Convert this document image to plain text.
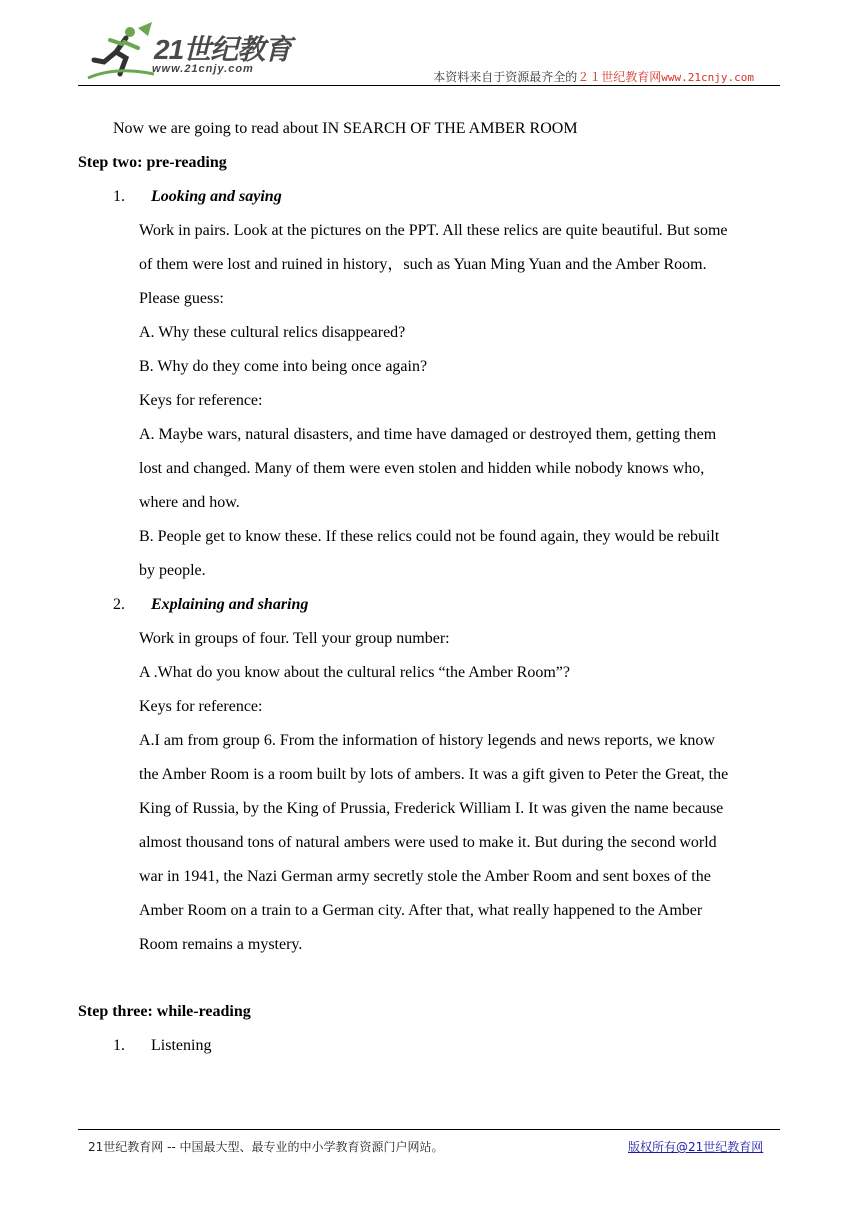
21世纪教育
www.21cnjy.com
本资料来自于资源最齐全的２１世纪教育网www.21cnjy.com
Now we are going to read about IN SEARCH OF THE AMBER ROOM
Step two: pre-reading
1. Looking and saying
Work in pairs. Look at the pictures on the PPT. All these relics are quite beautiful. But some
of them were lost and ruined in history，such as Yuan Ming Yuan and the Amber Room.
Please guess:
A. Why these cultural relics disappeared?
B. Why do they come into being once again?
Keys for reference:
A. Maybe wars, natural disasters, and time have damaged or destroyed them, getting them
lost and changed. Many of them were even stolen and hidden while nobody knows who,
where and how.
B. People get to know these. If these relics could not be found again, they would be rebuilt
by people.
2. Explaining and sharing
Work in groups of four. Tell your group number:
A .What do you know about the cultural relics “the Amber Room”?
Keys for reference:
A.I am from group 6. From the information of history legends and news reports, we know
the Amber Room is a room built by lots of ambers. It was a gift given to Peter the Great, the
King of Russia, by the King of Prussia, Frederick William I. It was given the name because
almost thousand tons of natural ambers were used to make it. But during the second world
war in 1941, the Nazi German army secretly stole the Amber Room and sent boxes of the
Amber Room on a train to a German city. After that, what really happened to the Amber
Room remains a mystery.
Step three: while-reading
1. Listening
21世纪教育网 -- 中国最大型、最专业的中小学教育资源门户网站。	版权所有@21世纪教育网
